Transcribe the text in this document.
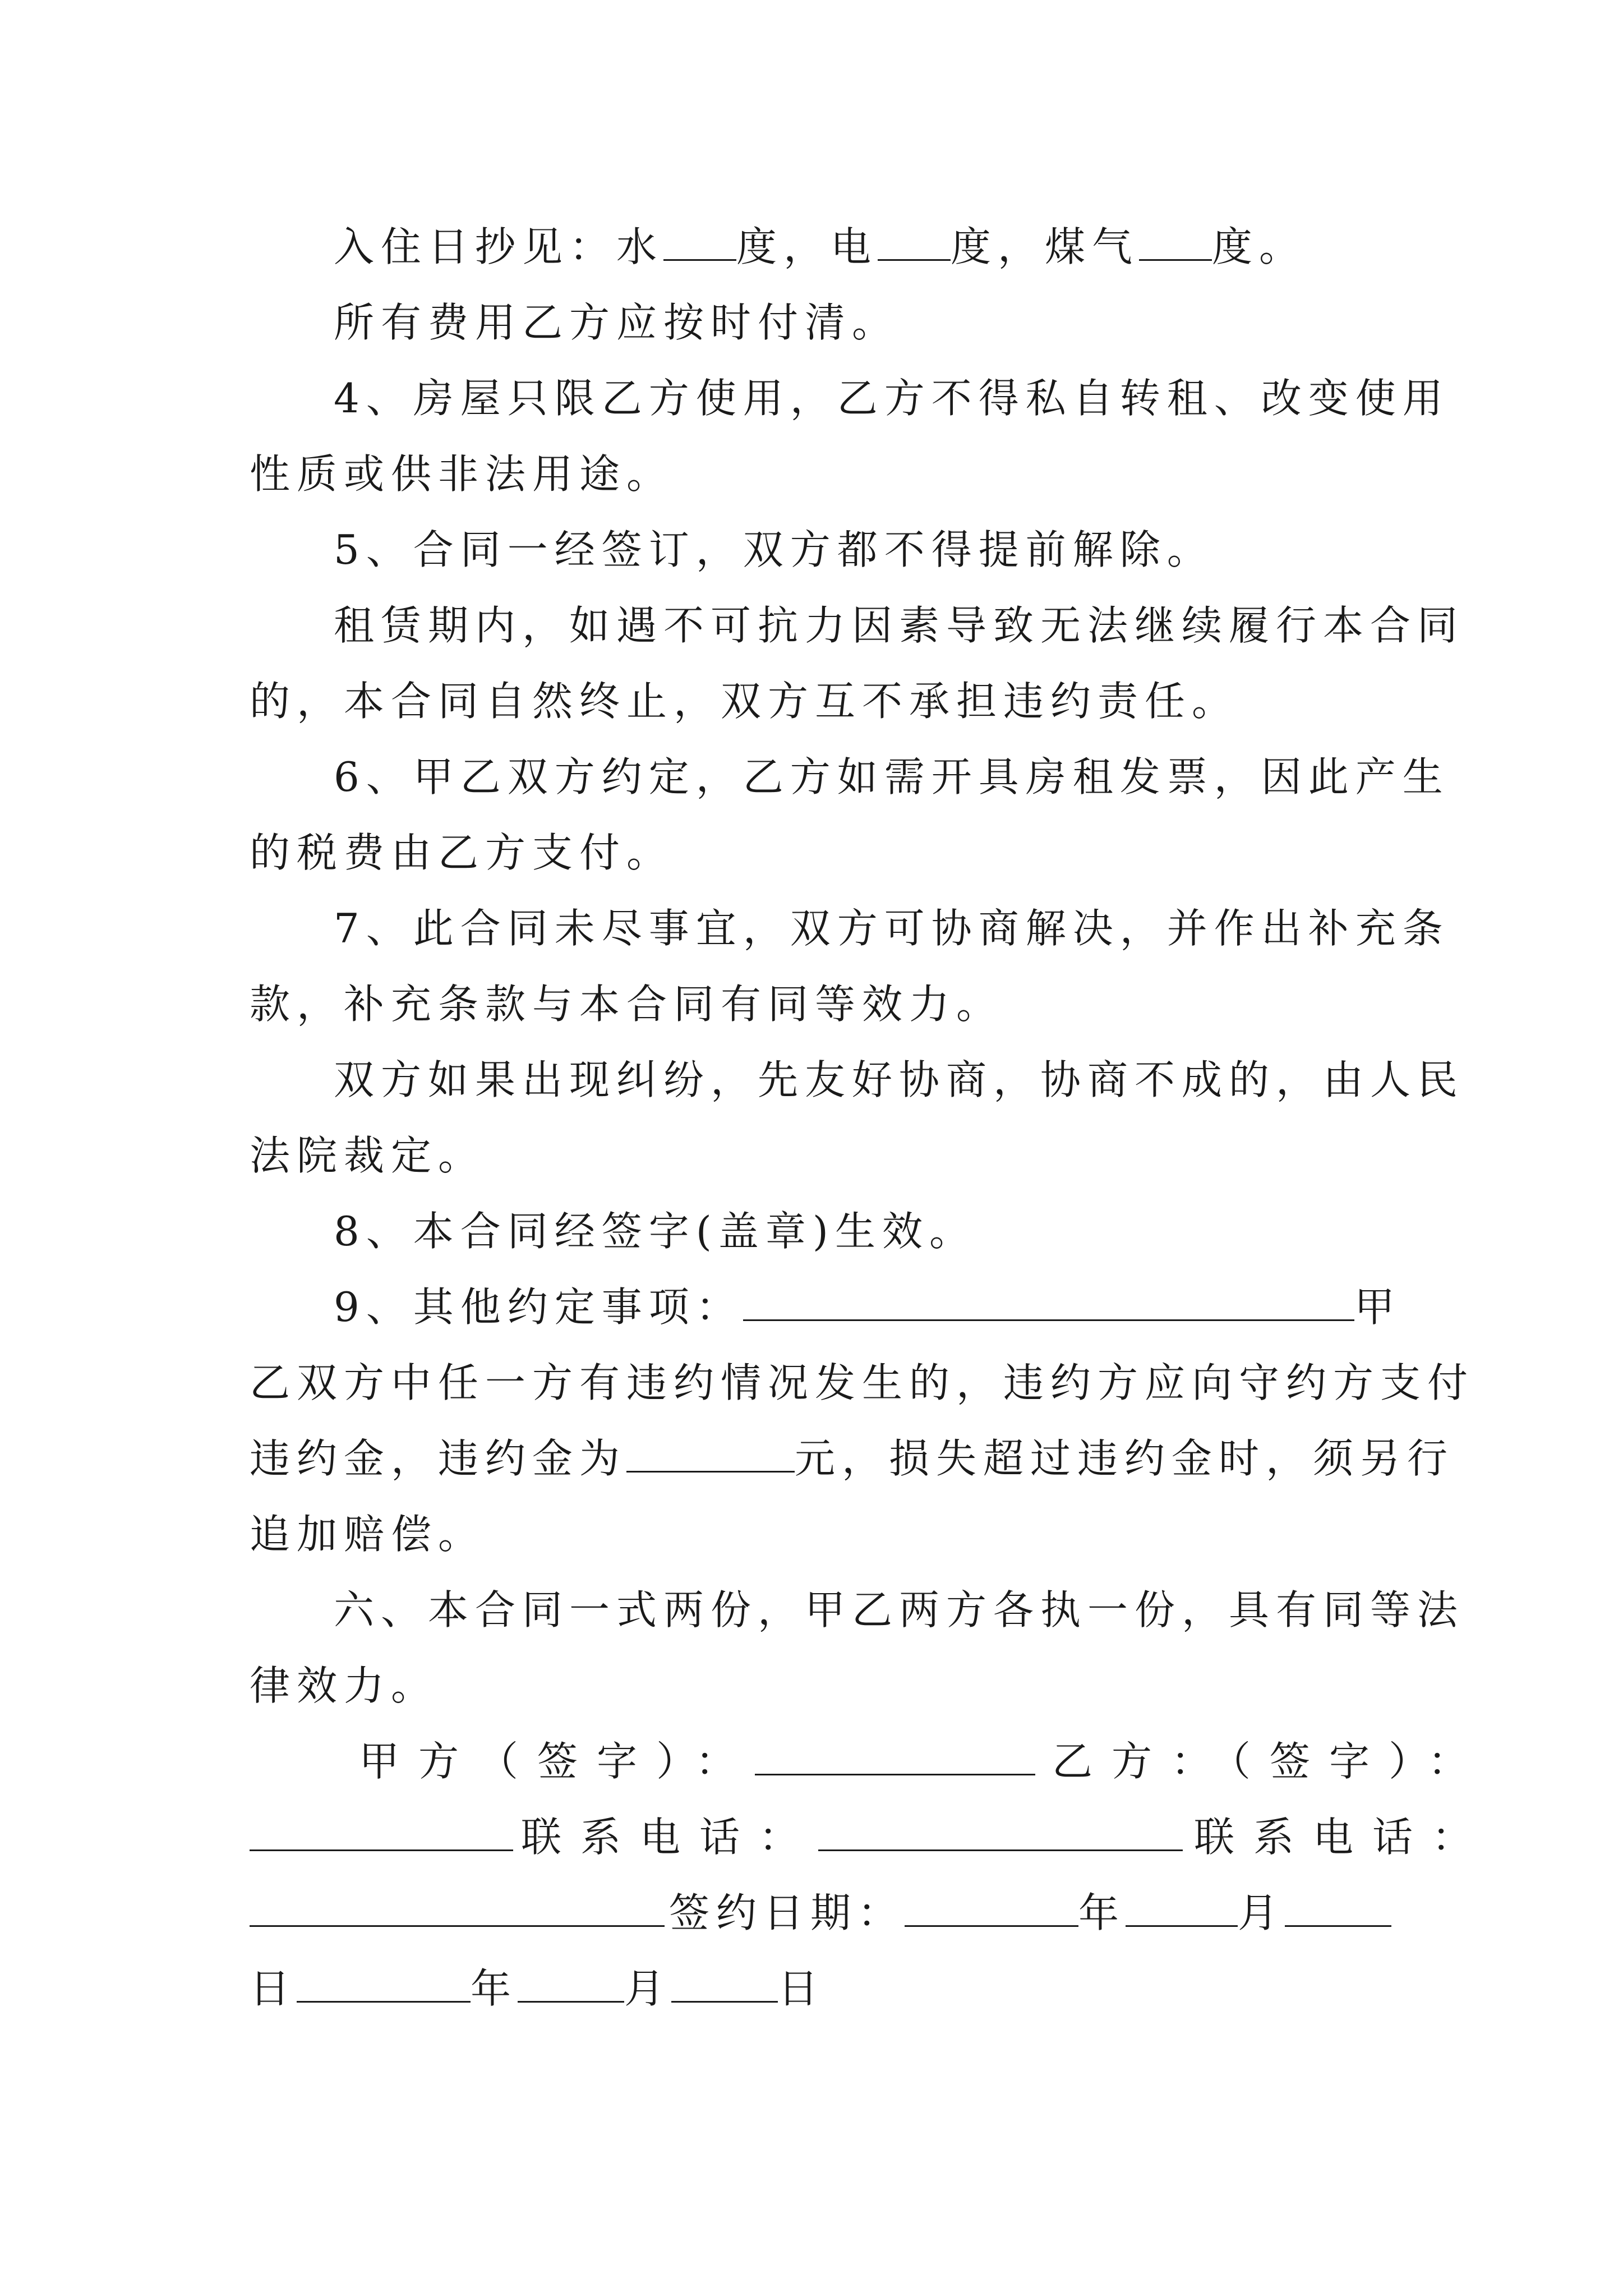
入住日抄见：水 度，电 度，煤气 度。
所有费用乙方应按时付清。
4、房屋只限乙方使用，乙方不得私自转租、改变使用
性质或供非法用途。
5、合同一经签订，双方都不得提前解除。
租赁期内，如遇不可抗力因素导致无法继续履行本合同
的，本合同自然终止，双方互不承担违约责任。
6、甲乙双方约定，乙方如需开具房租发票，因此产生
的税费由乙方支付。
7、此合同未尽事宜，双方可协商解决，并作出补充条
款，补充条款与本合同有同等效力。
双方如果出现纠纷，先友好协商，协商不成的，由人民
法院裁定。
8、本合同经签字(盖章)生效。
9、其他约定事项：	甲
乙双方中任一方有违约情况发生的，违约方应向守约方支付
违约金，违约金为	元，损失超过违约金时，须另行
追加赔偿。
六、本合同一式两份，甲乙两方各执一份，具有同等法
律效力。
甲方（签字）：	乙方：（签字）：
联系电话：	联系电话：
签约日期：	年	月
日	年	月	日
